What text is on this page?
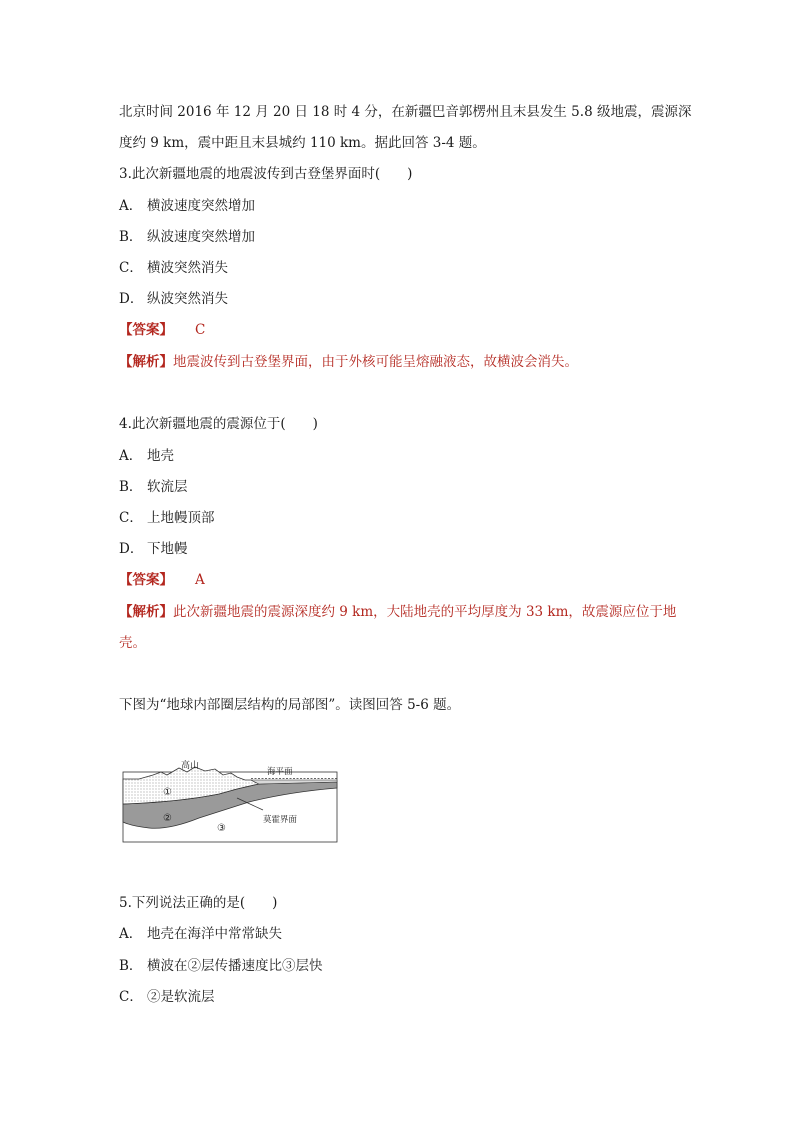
北京时间 2016 年 12 月 20 日 18 时 4 分，在新疆巴音郭楞州且末县发生 5.8 级地震，震源深
度约 9 km，震中距且末县城约 110 km。据此回答 3-4 题。
3.此次新疆地震的地震波传到古登堡界面时(　　)
A． 横波速度突然增加
B． 纵波速度突然增加
C． 横波突然消失
D． 纵波突然消失
【答案】 C
【解析】地震波传到古登堡界面，由于外核可能呈熔融液态，故横波会消失。
4.此次新疆地震的震源位于(　　)
A． 地壳
B． 软流层
C． 上地幔顶部
D． 下地幔
【答案】 A
【解析】此次新疆地震的震源深度约 9 km，大陆地壳的平均厚度为 33 km，故震源应位于地
壳。
下图为“地球内部圈层结构的局部图”。读图回答 5-6 题。
高山
海平面
莫霍界面
①
②
③
5.下列说法正确的是(　　)
A． 地壳在海洋中常常缺失
B． 横波在②层传播速度比③层快
C． ②是软流层
